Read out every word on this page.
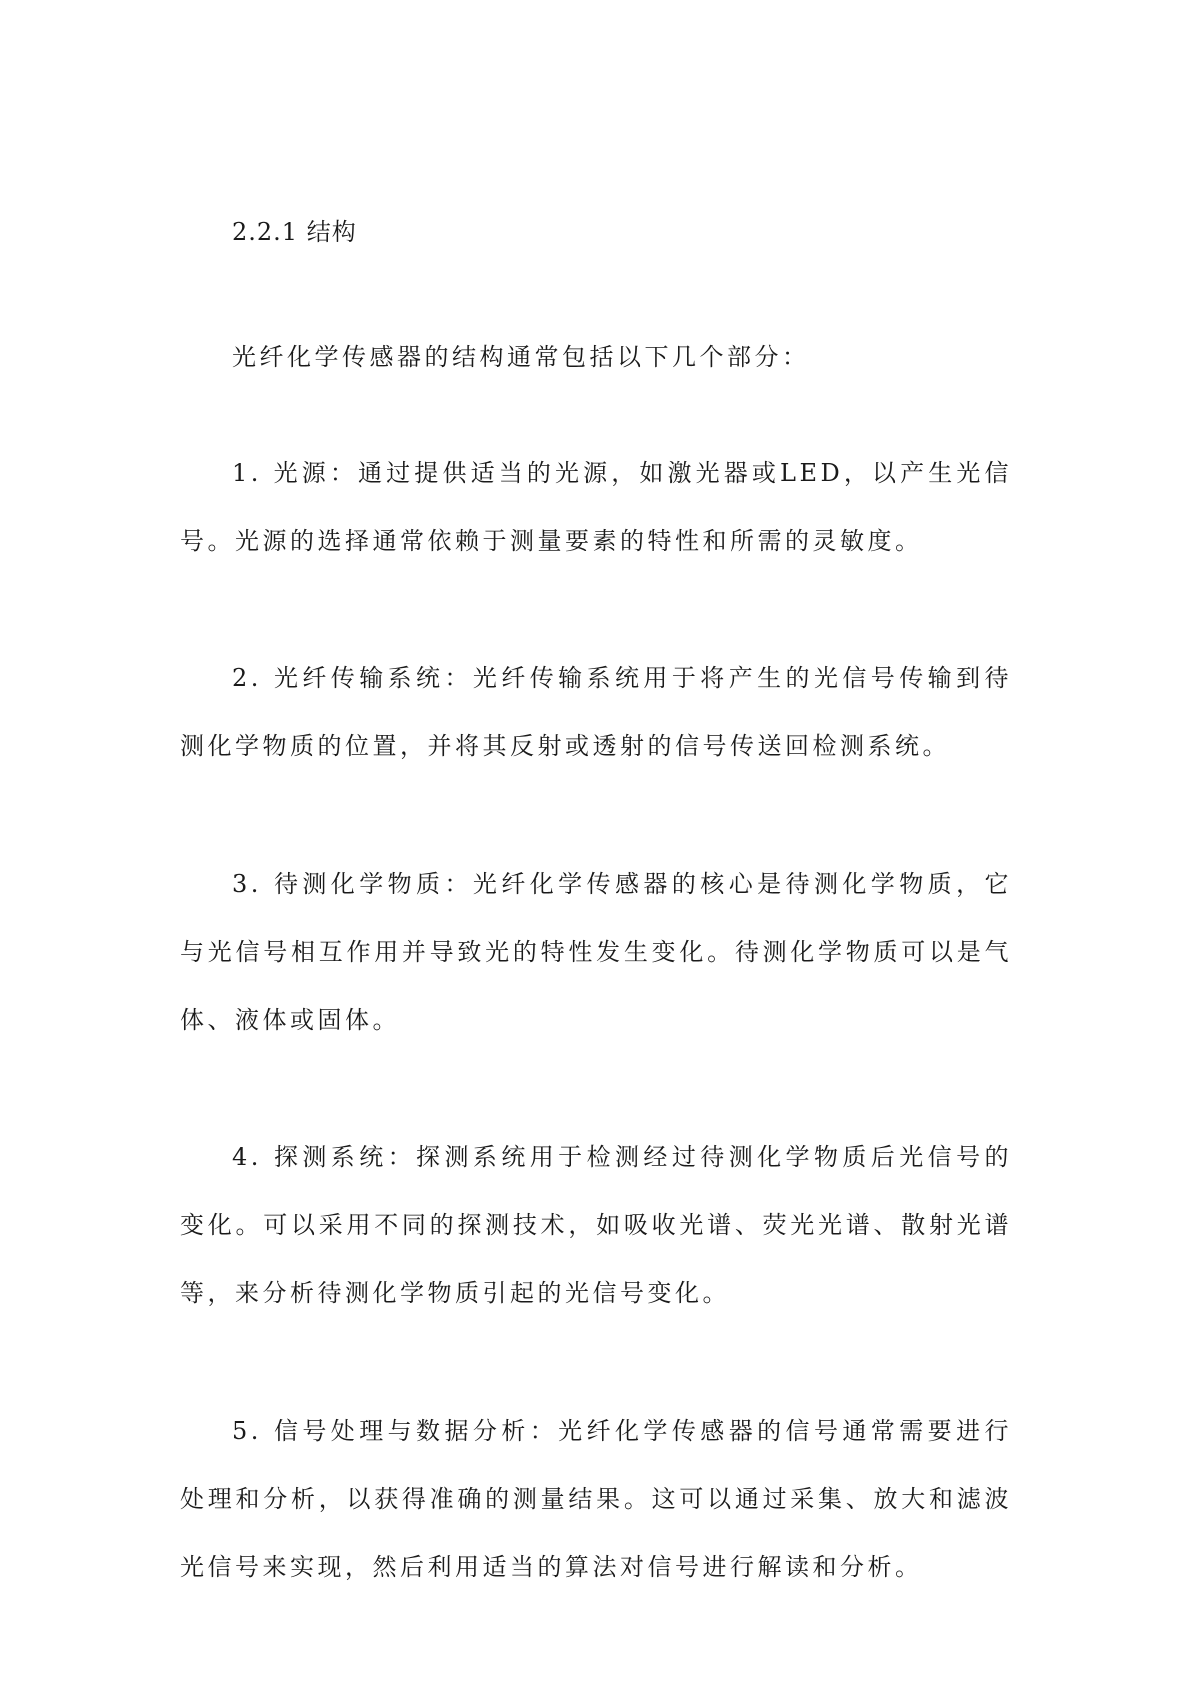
2.2.1 结构

光纤化学传感器的结构通常包括以下几个部分：

1. 光源：通过提供适当的光源，如激光器或LED，以产生光信号。光源的选择通常依赖于测量要素的特性和所需的灵敏度。

2. 光纤传输系统：光纤传输系统用于将产生的光信号传输到待测化学物质的位置，并将其反射或透射的信号传送回检测系统。

3. 待测化学物质：光纤化学传感器的核心是待测化学物质，它与光信号相互作用并导致光的特性发生变化。待测化学物质可以是气体、液体或固体。

4. 探测系统：探测系统用于检测经过待测化学物质后光信号的变化。可以采用不同的探测技术，如吸收光谱、荧光光谱、散射光谱等，来分析待测化学物质引起的光信号变化。

5. 信号处理与数据分析：光纤化学传感器的信号通常需要进行处理和分析，以获得准确的测量结果。这可以通过采集、放大和滤波光信号来实现，然后利用适当的算法对信号进行解读和分析。
